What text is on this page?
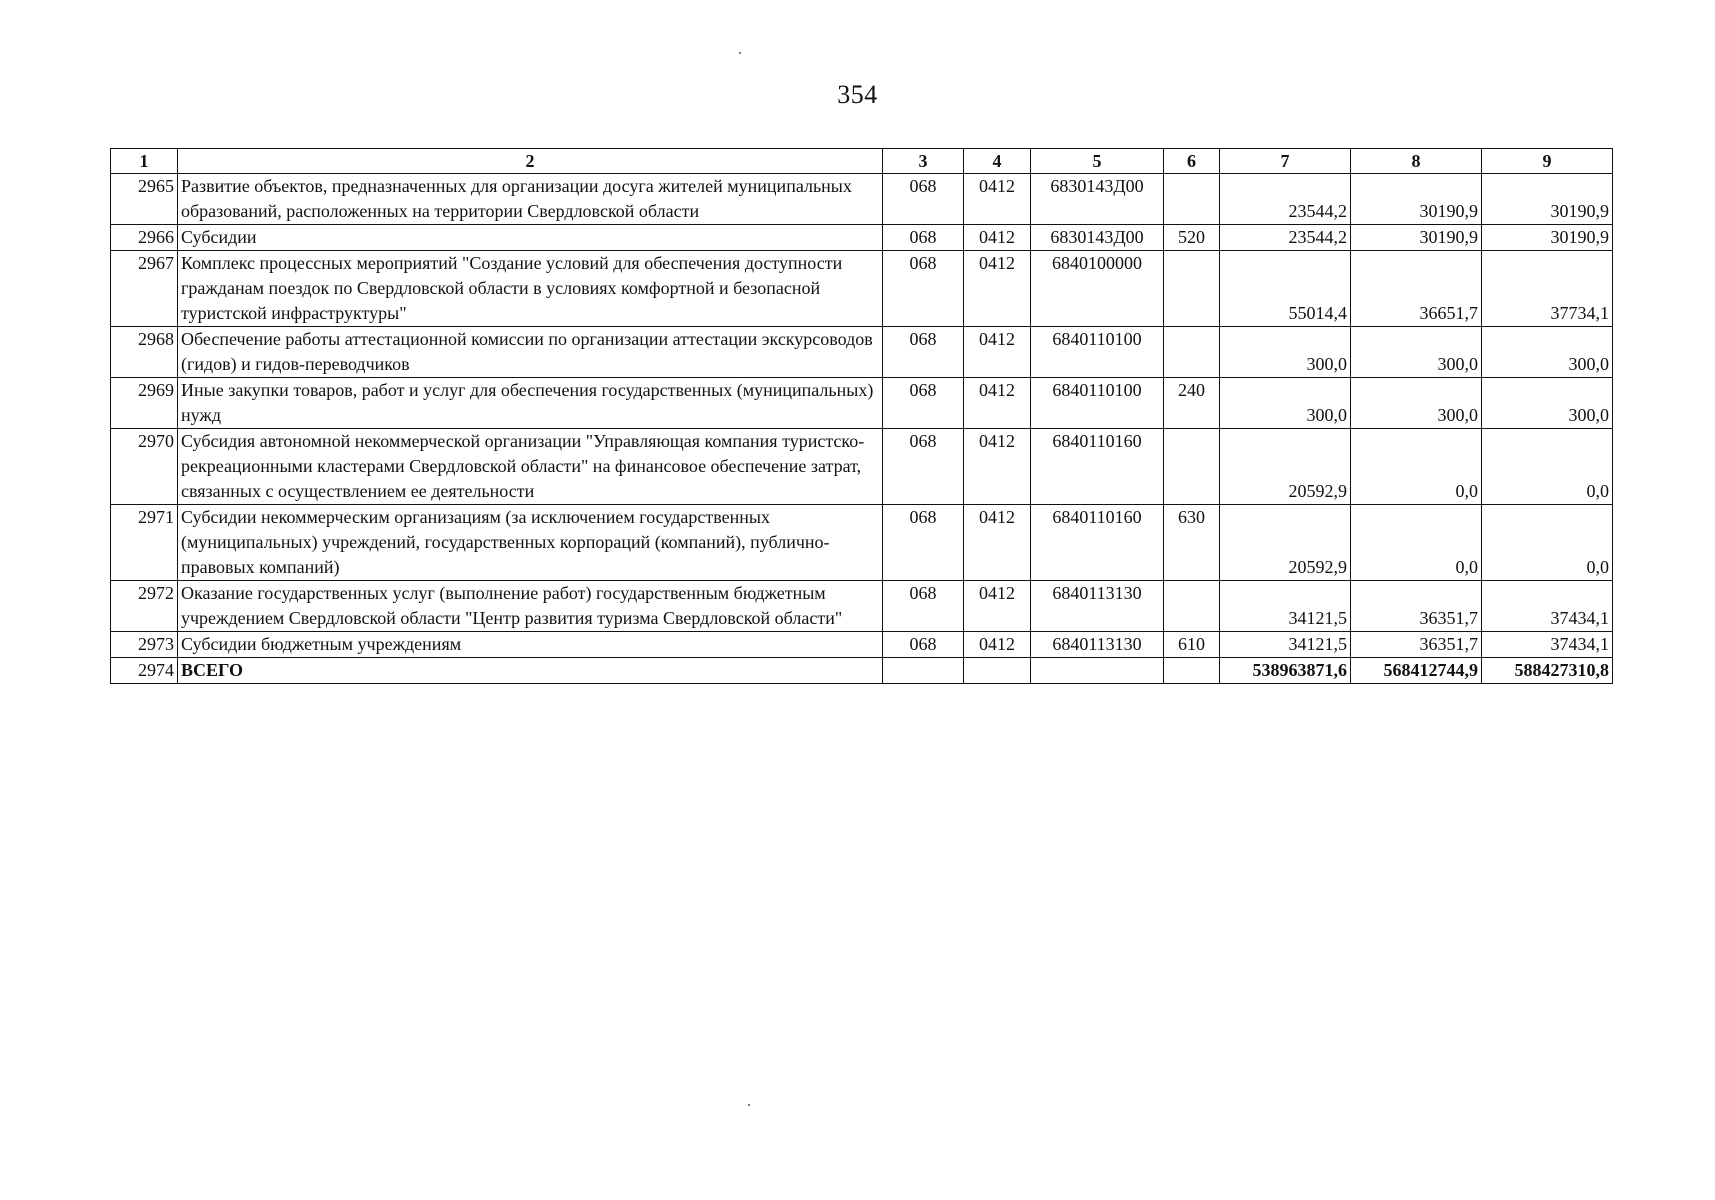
354
1	2	3	4	5	6	7	8	9
2965	Развитие объектов, предназначенных для организации досуга жителей муниципальных образований, расположенных на территории Свердловской области	068	0412	6830143Д00		23544,2	30190,9	30190,9
2966	Субсидии	068	0412	6830143Д00	520	23544,2	30190,9	30190,9
2967	Комплекс процессных мероприятий "Создание условий для обеспечения доступности гражданам поездок по Свердловской области в условиях комфортной и безопасной туристской инфраструктуры"	068	0412	6840100000		55014,4	36651,7	37734,1
2968	Обеспечение работы аттестационной комиссии по организации аттестации экскурсоводов (гидов) и гидов-переводчиков	068	0412	6840110100		300,0	300,0	300,0
2969	Иные закупки товаров, работ и услуг для обеспечения государственных (муниципальных) нужд	068	0412	6840110100	240	300,0	300,0	300,0
2970	Субсидия автономной некоммерческой организации "Управляющая компания туристско-рекреационными кластерами Свердловской области" на финансовое обеспечение затрат, связанных с осуществлением ее деятельности	068	0412	6840110160		20592,9	0,0	0,0
2971	Субсидии некоммерческим организациям (за исключением государственных (муниципальных) учреждений, государственных корпораций (компаний), публично-правовых компаний)	068	0412	6840110160	630	20592,9	0,0	0,0
2972	Оказание государственных услуг (выполнение работ) государственным бюджетным учреждением Свердловской области "Центр развития туризма Свердловской области"	068	0412	6840113130		34121,5	36351,7	37434,1
2973	Субсидии бюджетным учреждениям	068	0412	6840113130	610	34121,5	36351,7	37434,1
2974	ВСЕГО					538963871,6	568412744,9	588427310,8
